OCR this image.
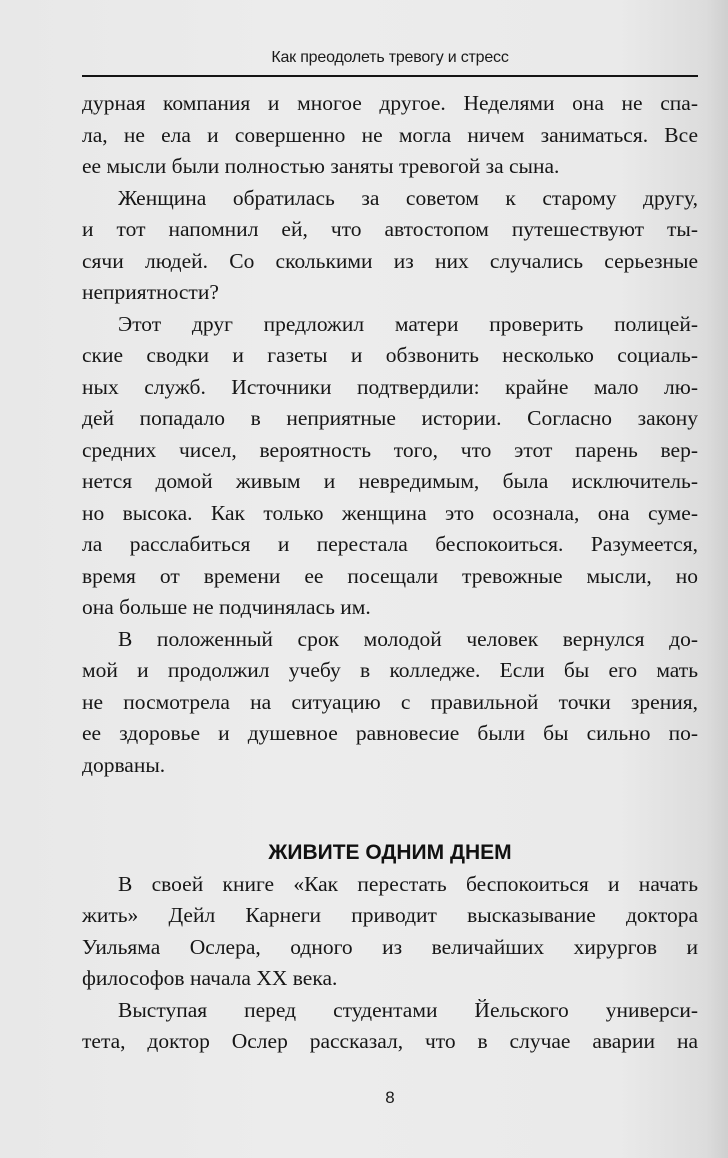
Как преодолеть тревогу и стресс
дурная компания и многое другое. Неделями она не спа-
ла, не ела и совершенно не могла ничем заниматься. Все
ее мысли были полностью заняты тревогой за сына.
Женщина обратилась за советом к старому другу,
и тот напомнил ей, что автостопом путешествуют ты-
сячи людей. Со сколькими из них случались серьезные
неприятности?
Этот друг предложил матери проверить полицей-
ские сводки и газеты и обзвонить несколько социаль-
ных служб. Источники подтвердили: крайне мало лю-
дей попадало в неприятные истории. Согласно закону
средних чисел, вероятность того, что этот парень вер-
нется домой живым и невредимым, была исключитель-
но высока. Как только женщина это осознала, она суме-
ла расслабиться и перестала беспокоиться. Разумеется,
время от времени ее посещали тревожные мысли, но
она больше не подчинялась им.
В положенный срок молодой человек вернулся до-
мой и продолжил учебу в колледже. Если бы его мать
не посмотрела на ситуацию с правильной точки зрения,
ее здоровье и душевное равновесие были бы сильно по-
дорваны.
ЖИВИТЕ ОДНИМ ДНЕМ
В своей книге «Как перестать беспокоиться и начать
жить» Дейл Карнеги приводит высказывание доктора
Уильяма Ослера, одного из величайших хирургов и
философов начала XX века.
Выступая перед студентами Йельского универси-
тета, доктор Ослер рассказал, что в случае аварии на
8
